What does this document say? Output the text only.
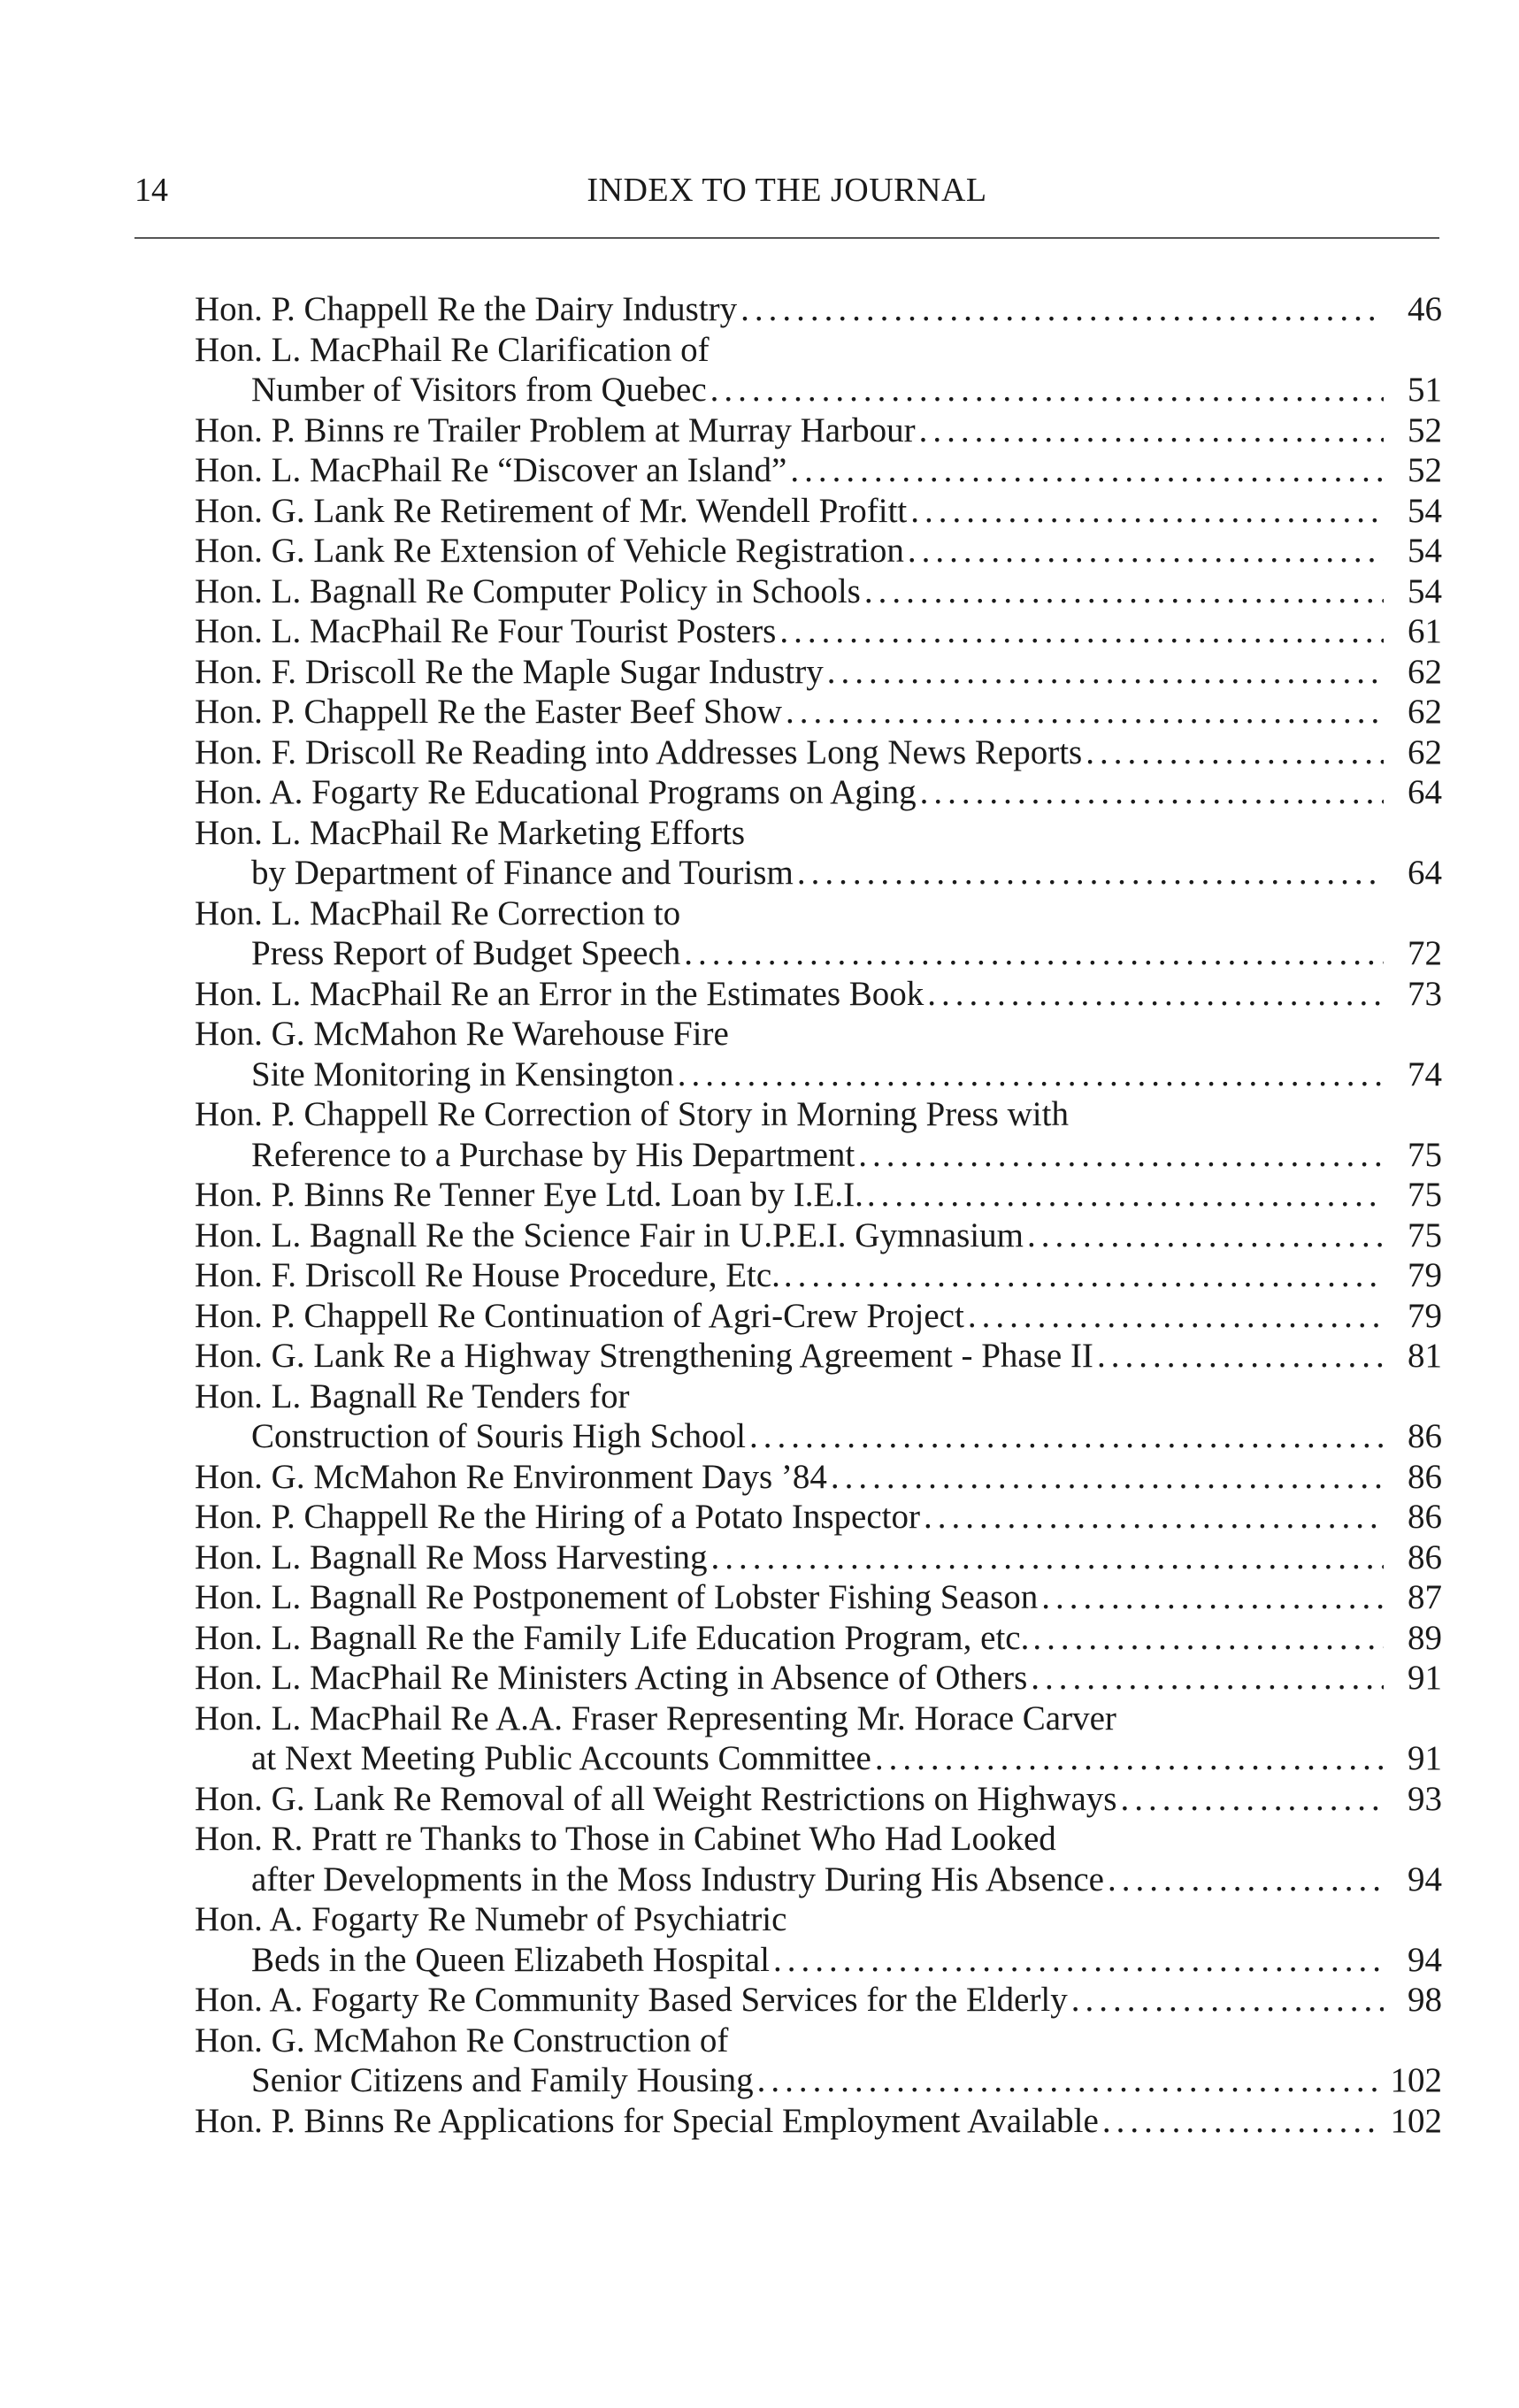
14	INDEX TO THE JOURNAL
Hon. P. Chappell Re the Dairy Industry .....	46
Hon. L. MacPhail Re Clarification of
Number of Visitors from Quebec .....	51
Hon. P. Binns re Trailer Problem at Murray Harbour .....	52
Hon. L. MacPhail Re “Discover an Island” .....	52
Hon. G. Lank Re Retirement of Mr. Wendell Profitt .....	54
Hon. G. Lank Re Extension of Vehicle Registration .....	54
Hon. L. Bagnall Re Computer Policy in Schools .....	54
Hon. L. MacPhail Re Four Tourist Posters .....	61
Hon. F. Driscoll Re the Maple Sugar Industry .....	62
Hon. P. Chappell Re the Easter Beef Show .....	62
Hon. F. Driscoll Re Reading into Addresses Long News Reports .....	62
Hon. A. Fogarty Re Educational Programs on Aging .....	64
Hon. L. MacPhail Re Marketing Efforts
by Department of Finance and Tourism .....	64
Hon. L. MacPhail Re Correction to
Press Report of Budget Speech .....	72
Hon. L. MacPhail Re an Error in the Estimates Book .....	73
Hon. G. McMahon Re Warehouse Fire
Site Monitoring in Kensington .....	74
Hon. P. Chappell Re Correction of Story in Morning Press with
Reference to a Purchase by His Department .....	75
Hon. P. Binns Re Tenner Eye Ltd. Loan by I.E.I. .....	75
Hon. L. Bagnall Re the Science Fair in U.P.E.I. Gymnasium .....	75
Hon. F. Driscoll Re House Procedure, Etc. .....	79
Hon. P. Chappell Re Continuation of Agri-Crew Project .....	79
Hon. G. Lank Re a Highway Strengthening Agreement - Phase II .....	81
Hon. L. Bagnall Re Tenders for
Construction of Souris High School .....	86
Hon. G. McMahon Re Environment Days ’84 .....	86
Hon. P. Chappell Re the Hiring of a Potato Inspector .....	86
Hon. L. Bagnall Re Moss Harvesting .....	86
Hon. L. Bagnall Re Postponement of Lobster Fishing Season .....	87
Hon. L. Bagnall Re the Family Life Education Program, etc. .....	89
Hon. L. MacPhail Re Ministers Acting in Absence of Others .....	91
Hon. L. MacPhail Re A.A. Fraser Representing Mr. Horace Carver
at Next Meeting Public Accounts Committee .....	91
Hon. G. Lank Re Removal of all Weight Restrictions on Highways .....	93
Hon. R. Pratt re Thanks to Those in Cabinet Who Had Looked
after Developments in the Moss Industry During His Absence .....	94
Hon. A. Fogarty Re Numebr of Psychiatric
Beds in the Queen Elizabeth Hospital .....	94
Hon. A. Fogarty Re Community Based Services for the Elderly .....	98
Hon. G. McMahon Re Construction of
Senior Citizens and Family Housing .....	102
Hon. P. Binns Re Applications for Special Employment Available .....	102
